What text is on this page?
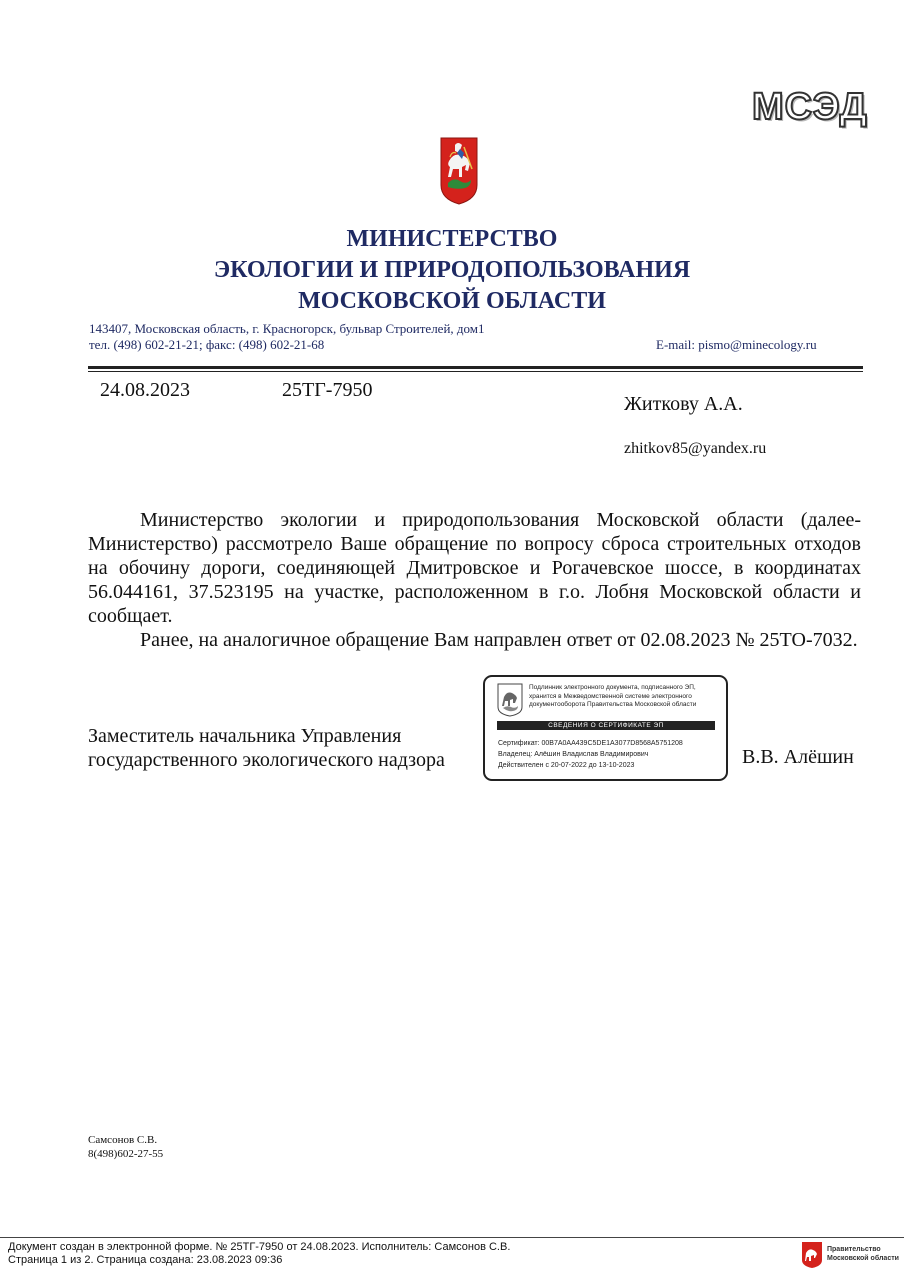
МСЭД
МИНИСТЕРСТВО
ЭКОЛОГИИ И ПРИРОДОПОЛЬЗОВАНИЯ
МОСКОВСКОЙ ОБЛАСТИ
143407, Московская область, г. Красногорск, бульвар Строителей, дом1
тел. (498) 602-21-21; факс: (498) 602-21-68	E-mail: pismo@minecology.ru
24.08.2023	25ТГ-7950
Житкову А.А.
zhitkov85@yandex.ru

Министерство экологии и природопользования Московской области (далее-Министерство) рассмотрело Ваше обращение по вопросу сброса строительных отходов на обочину дороги, соединяющей Дмитровское и Рогачевское шоссе, в координатах 56.044161, 37.523195 на участке, расположенном в г.о. Лобня Московской области и сообщает.

Ранее, на аналогичное обращение Вам направлен ответ от 02.08.2023 № 25ТО-7032.

Заместитель начальника Управления
государственного экологического надзора	В.В. Алёшин
Подлинник электронного документа, подписанного ЭП, хранится в Межведомственной системе электронного документооборота Правительства Московской области
СВЕДЕНИЯ О СЕРТИФИКАТЕ ЭП
Сертификат: 00B7A0AA439C5DE1A3077D8568A5751208
Владелец: Алёшин Владислав Владимирович
Действителен с 20-07-2022 до 13-10-2023
Самсонов С.В.
8(498)602-27-55
Документ создан в электронной форме. № 25ТГ-7950 от 24.08.2023. Исполнитель: Самсонов С.В.
Страница 1 из 2. Страница создана: 23.08.2023 09:36
Правительство
Московской области
